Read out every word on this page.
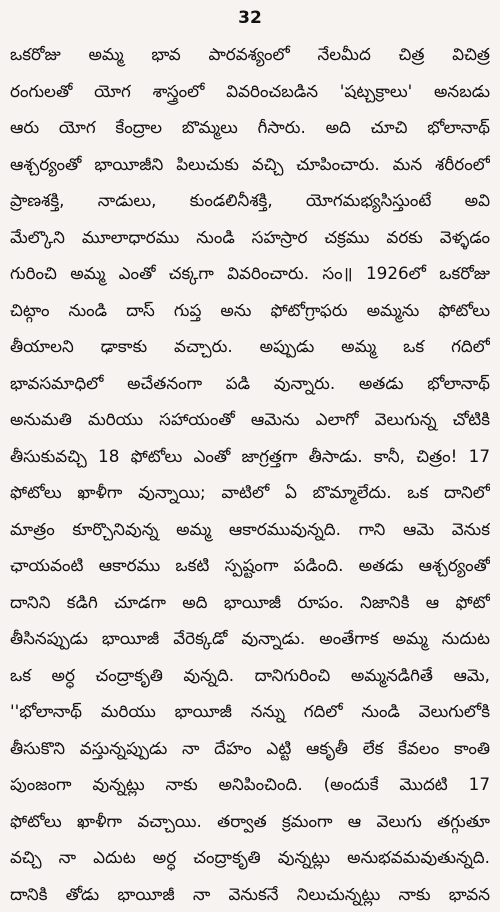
32
ఒకరోజు అమ్మ భావ పారవశ్యంలో నేలమీద చిత్ర విచిత్ర
రంగులతో యోగ శాస్త్రంలో వివరించబడిన 'షట్చక్రాలు' అనబడు
ఆరు యోగ కేంద్రాల బొమ్మలు గీసారు. అది చూచి భోలానాథ్
ఆశ్చర్యంతో భాయీజీని పిలుచుకు వచ్చి చూపించారు. మన శరీరంలో
ప్రాణశక్తి, నాడులు, కుండలినీశక్తి, యోగమభ్యసిస్తుంటే అవి
మేల్కొని మూలాధారము నుండి సహస్రార చక్రము వరకు వెళ్ళడం
గురించి అమ్మ ఎంతో చక్కగా వివరించారు. సం॥ 1926లో ఒకరోజు
చిట్గాం నుండి దాస్ గుప్త అను ఫోటోగ్రాఫరు అమ్మను ఫోటోలు
తీయాలని ఢాకాకు వచ్చారు. అప్పుడు అమ్మ ఒక గదిలో
భావసమాధిలో అచేతనంగా పడి వున్నారు. అతడు భోలానాథ్
అనుమతి మరియు సహాయంతో ఆమెను ఎలాగో వెలుగున్న చోటికి
తీసుకువచ్చి 18 ఫోటోలు ఎంతో జాగ్రత్తగా తీసాడు. కానీ, చిత్రం! 17
ఫోటోలు ఖాళీగా వున్నాయి; వాటిలో ఏ బొమ్మాలేదు. ఒక దానిలో
మాత్రం కూర్చొనివున్న అమ్మ ఆకారమువున్నది. గాని ఆమె వెనుక
ఛాయవంటి ఆకారము ఒకటి స్పష్టంగా పడింది. అతడు ఆశ్చర్యంతో
దానిని కడిగి చూడగా అది భాయీజీ రూపం. నిజానికి ఆ ఫోటో
తీసినప్పుడు భాయీజీ వేరెక్కడో వున్నాడు. అంతేగాక అమ్మ నుదుట
ఒక అర్ధ చంద్రాకృతి వున్నది. దానిగురించి అమ్మనడిగితే ఆమె,
''భోలానాథ్ మరియు భాయీజీ నన్ను గదిలో నుండి వెలుగులోకి
తీసుకొని వస్తున్నప్పుడు నా దేహం ఎట్టి ఆకృతీ లేక కేవలం కాంతి
పుంజంగా వున్నట్లు నాకు అనిపించింది. (అందుకే మొదటి 17
ఫోటోలు ఖాళీగా వచ్చాయి. తర్వాత క్రమంగా ఆ వెలుగు తగ్గుతూ
వచ్చి నా ఎదుట అర్ధ చంద్రాకృతి వున్నట్లు అనుభవమవుతున్నది.
దానికి తోడు భాయీజీ నా వెనుకనే నిలుచున్నట్లు నాకు భావన
